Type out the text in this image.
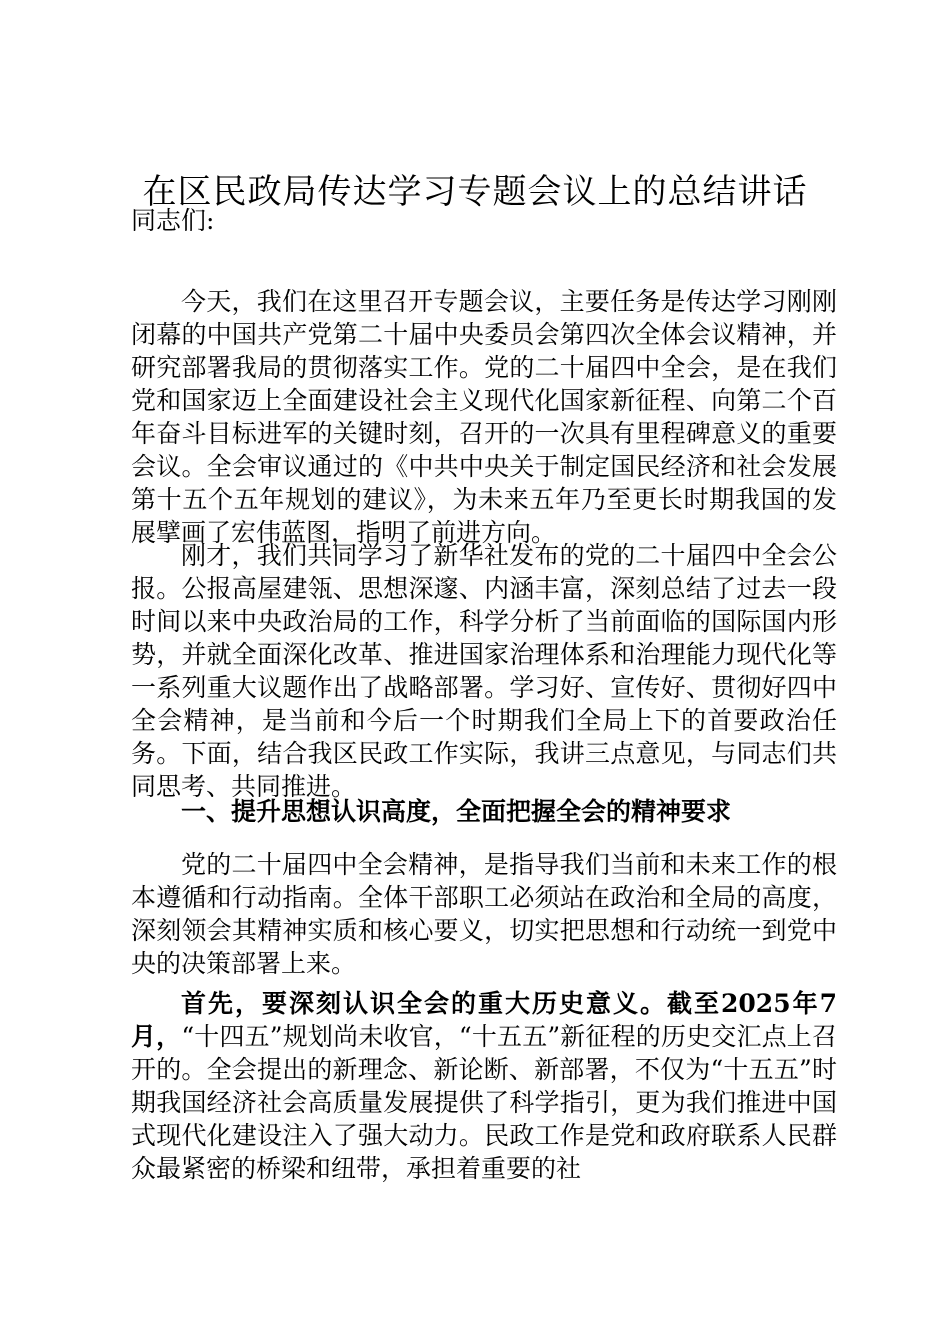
在区民政局传达学习专题会议上的总结讲话
同志们:

今天，我们在这里召开专题会议，主要任务是传达学习刚刚闭幕的中国共产党第二十届中央委员会第四次全体会议精神，并研究部署我局的贯彻落实工作。党的二十届四中全会，是在我们党和国家迈上全面建设社会主义现代化国家新征程、向第二个百年奋斗目标进军的关键时刻，召开的一次具有里程碑意义的重要会议。全会审议通过的《中共中央关于制定国民经济和社会发展第十五个五年规划的建议》，为未来五年乃至更长时期我国的发展擘画了宏伟蓝图，指明了前进方向。

刚才，我们共同学习了新华社发布的党的二十届四中全会公报。公报高屋建瓴、思想深邃、内涵丰富，深刻总结了过去一段时间以来中央政治局的工作，科学分析了当前面临的国际国内形势，并就全面深化改革、推进国家治理体系和治理能力现代化等一系列重大议题作出了战略部署。学习好、宣传好、贯彻好四中全会精神，是当前和今后一个时期我们全局上下的首要政治任务。下面，结合我区民政工作实际，我讲三点意见，与同志们共同思考、共同推进。

一、提升思想认识高度，全面把握全会的精神要求

党的二十届四中全会精神，是指导我们当前和未来工作的根本遵循和行动指南。全体干部职工必须站在政治和全局的高度，深刻领会其精神实质和核心要义，切实把思想和行动统一到党中央的决策部署上来。

首先，要深刻认识全会的重大历史意义。截至2025年7月，“十四五”规划尚未收官，“十五五”新征程的历史交汇点上召开的。全会提出的新理念、新论断、新部署，不仅为“十五五”时期我国经济社会高质量发展提供了科学指引，更为我们推进中国式现代化建设注入了强大动力。民政工作是党和政府联系人民群众最紧密的桥梁和纽带，承担着重要的社
